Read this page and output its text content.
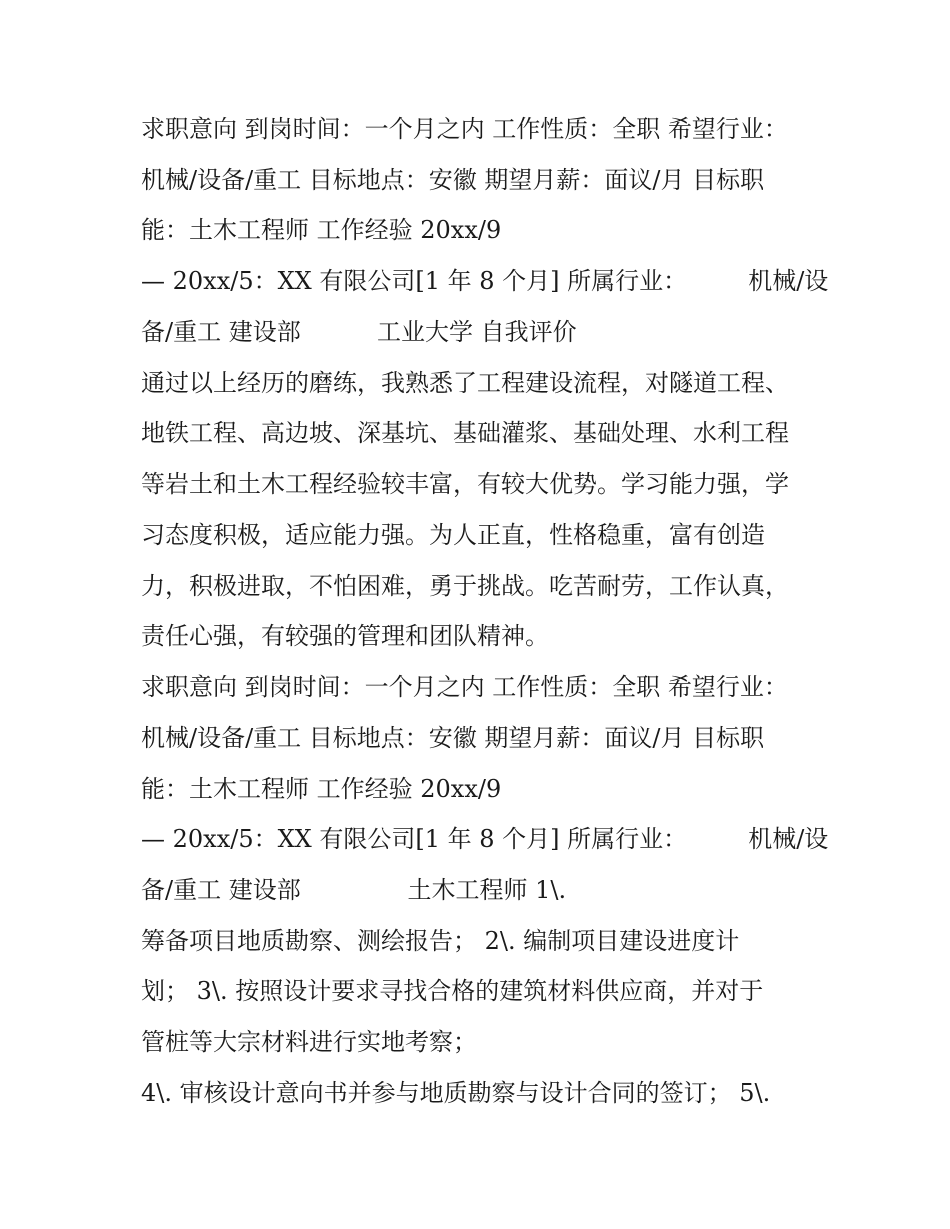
求职意向 到岗时间：一个月之内 工作性质：全职 希望行业：

机械/设备/重工 目标地点：安徽 期望月薪：面议/月 目标职

能：土木工程师 工作经验 20xx/9

— 20xx/5：XX 有限公司[1 年 8 个月] 所属行业：        机械/设

备/重工 建设部          工业大学 自我评价

通过以上经历的磨练，我熟悉了工程建设流程，对隧道工程、

地铁工程、高边坡、深基坑、基础灌浆、基础处理、水利工程

等岩土和土木工程经验较丰富，有较大优势。学习能力强，学

习态度积极，适应能力强。为人正直，性格稳重，富有创造

力，积极进取，不怕困难，勇于挑战。吃苦耐劳，工作认真，

责任心强，有较强的管理和团队精神。

求职意向 到岗时间：一个月之内 工作性质：全职 希望行业：

机械/设备/重工 目标地点：安徽 期望月薪：面议/月 目标职

能：土木工程师 工作经验 20xx/9

— 20xx/5：XX 有限公司[1 年 8 个月] 所属行业：        机械/设

备/重工 建设部              土木工程师 1\.

筹备项目地质勘察、测绘报告； 2\. 编制项目建设进度计

划； 3\. 按照设计要求寻找合格的建筑材料供应商，并对于

管桩等大宗材料进行实地考察；

4\. 审核设计意向书并参与地质勘察与设计合同的签订； 5\.
